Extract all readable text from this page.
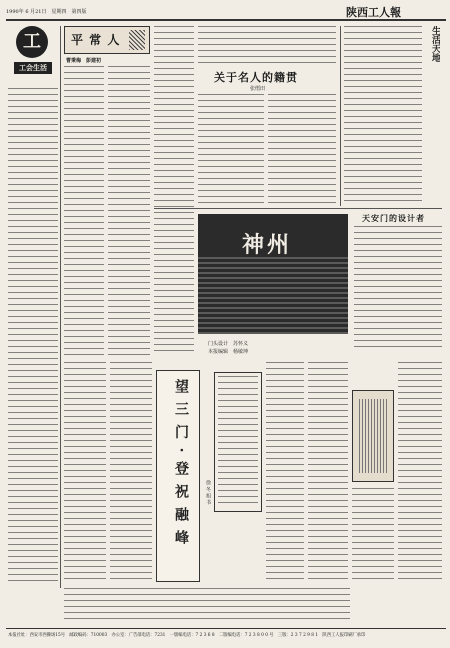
1990年 6 月21日　星期四　第四版	陕西工人報
工
工会生活
平 常 人
曹秉梅　彭建初
关于名人的籍贯
张缙田
生活天地
神州
门头设计　苏怀义
本报编辑　杨敏坤
天安门的设计者
望 三 门 · 登 祝 融 峰	徐 冬 旭 书
本报社址：西安市西操场15号　邮政编码：710003　办公室：广告部电话：7231　一版编电话：7 2 3 6 8　二版编电话：7 2 3 8 0 0 号　三版：2 3 7 2 9 8 1　陕西工人报印刷厂承印
